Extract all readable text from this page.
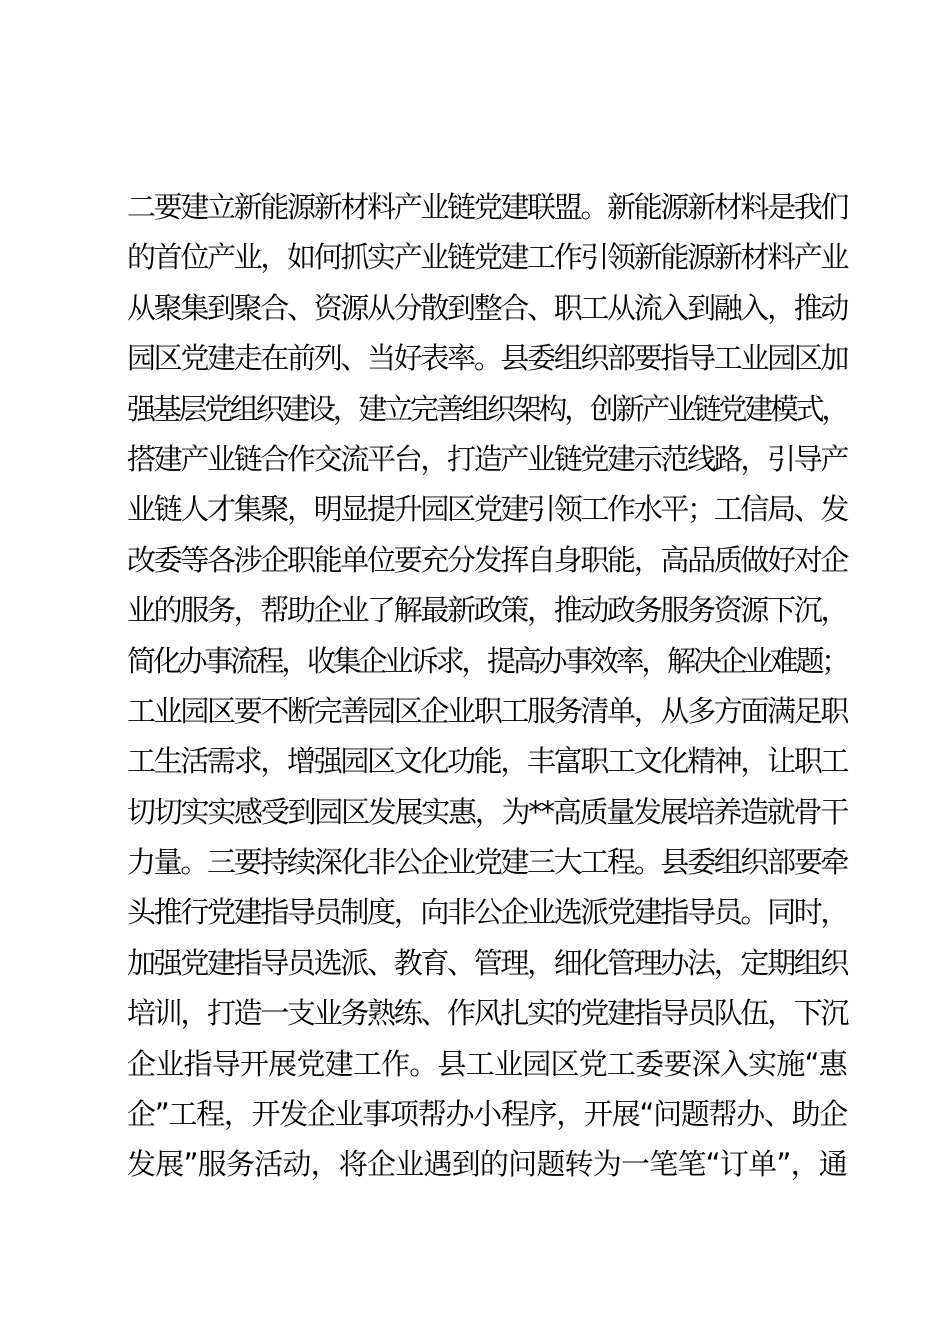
二要建立新能源新材料产业链党建联盟。新能源新材料是我们
的首位产业，如何抓实产业链党建工作引领新能源新材料产业
从聚集到聚合、资源从分散到整合、职工从流入到融入，推动
园区党建走在前列、当好表率。县委组织部要指导工业园区加
强基层党组织建设，建立完善组织架构，创新产业链党建模式，
搭建产业链合作交流平台，打造产业链党建示范线路，引导产
业链人才集聚，明显提升园区党建引领工作水平；工信局、发
改委等各涉企职能单位要充分发挥自身职能，高品质做好对企
业的服务，帮助企业了解最新政策，推动政务服务资源下沉，
简化办事流程，收集企业诉求，提高办事效率，解决企业难题；
工业园区要不断完善园区企业职工服务清单，从多方面满足职
工生活需求，增强园区文化功能，丰富职工文化精神，让职工
切切实实感受到园区发展实惠，为**高质量发展培养造就骨干
力量。三要持续深化非公企业党建三大工程。县委组织部要牵
头推行党建指导员制度，向非公企业选派党建指导员。同时，
加强党建指导员选派、教育、管理，细化管理办法，定期组织
培训，打造一支业务熟练、作风扎实的党建指导员队伍，下沉
企业指导开展党建工作。县工业园区党工委要深入实施“惠
企”工程，开发企业事项帮办小程序，开展“问题帮办、助企
发展”服务活动，将企业遇到的问题转为一笔笔“订单”，通
